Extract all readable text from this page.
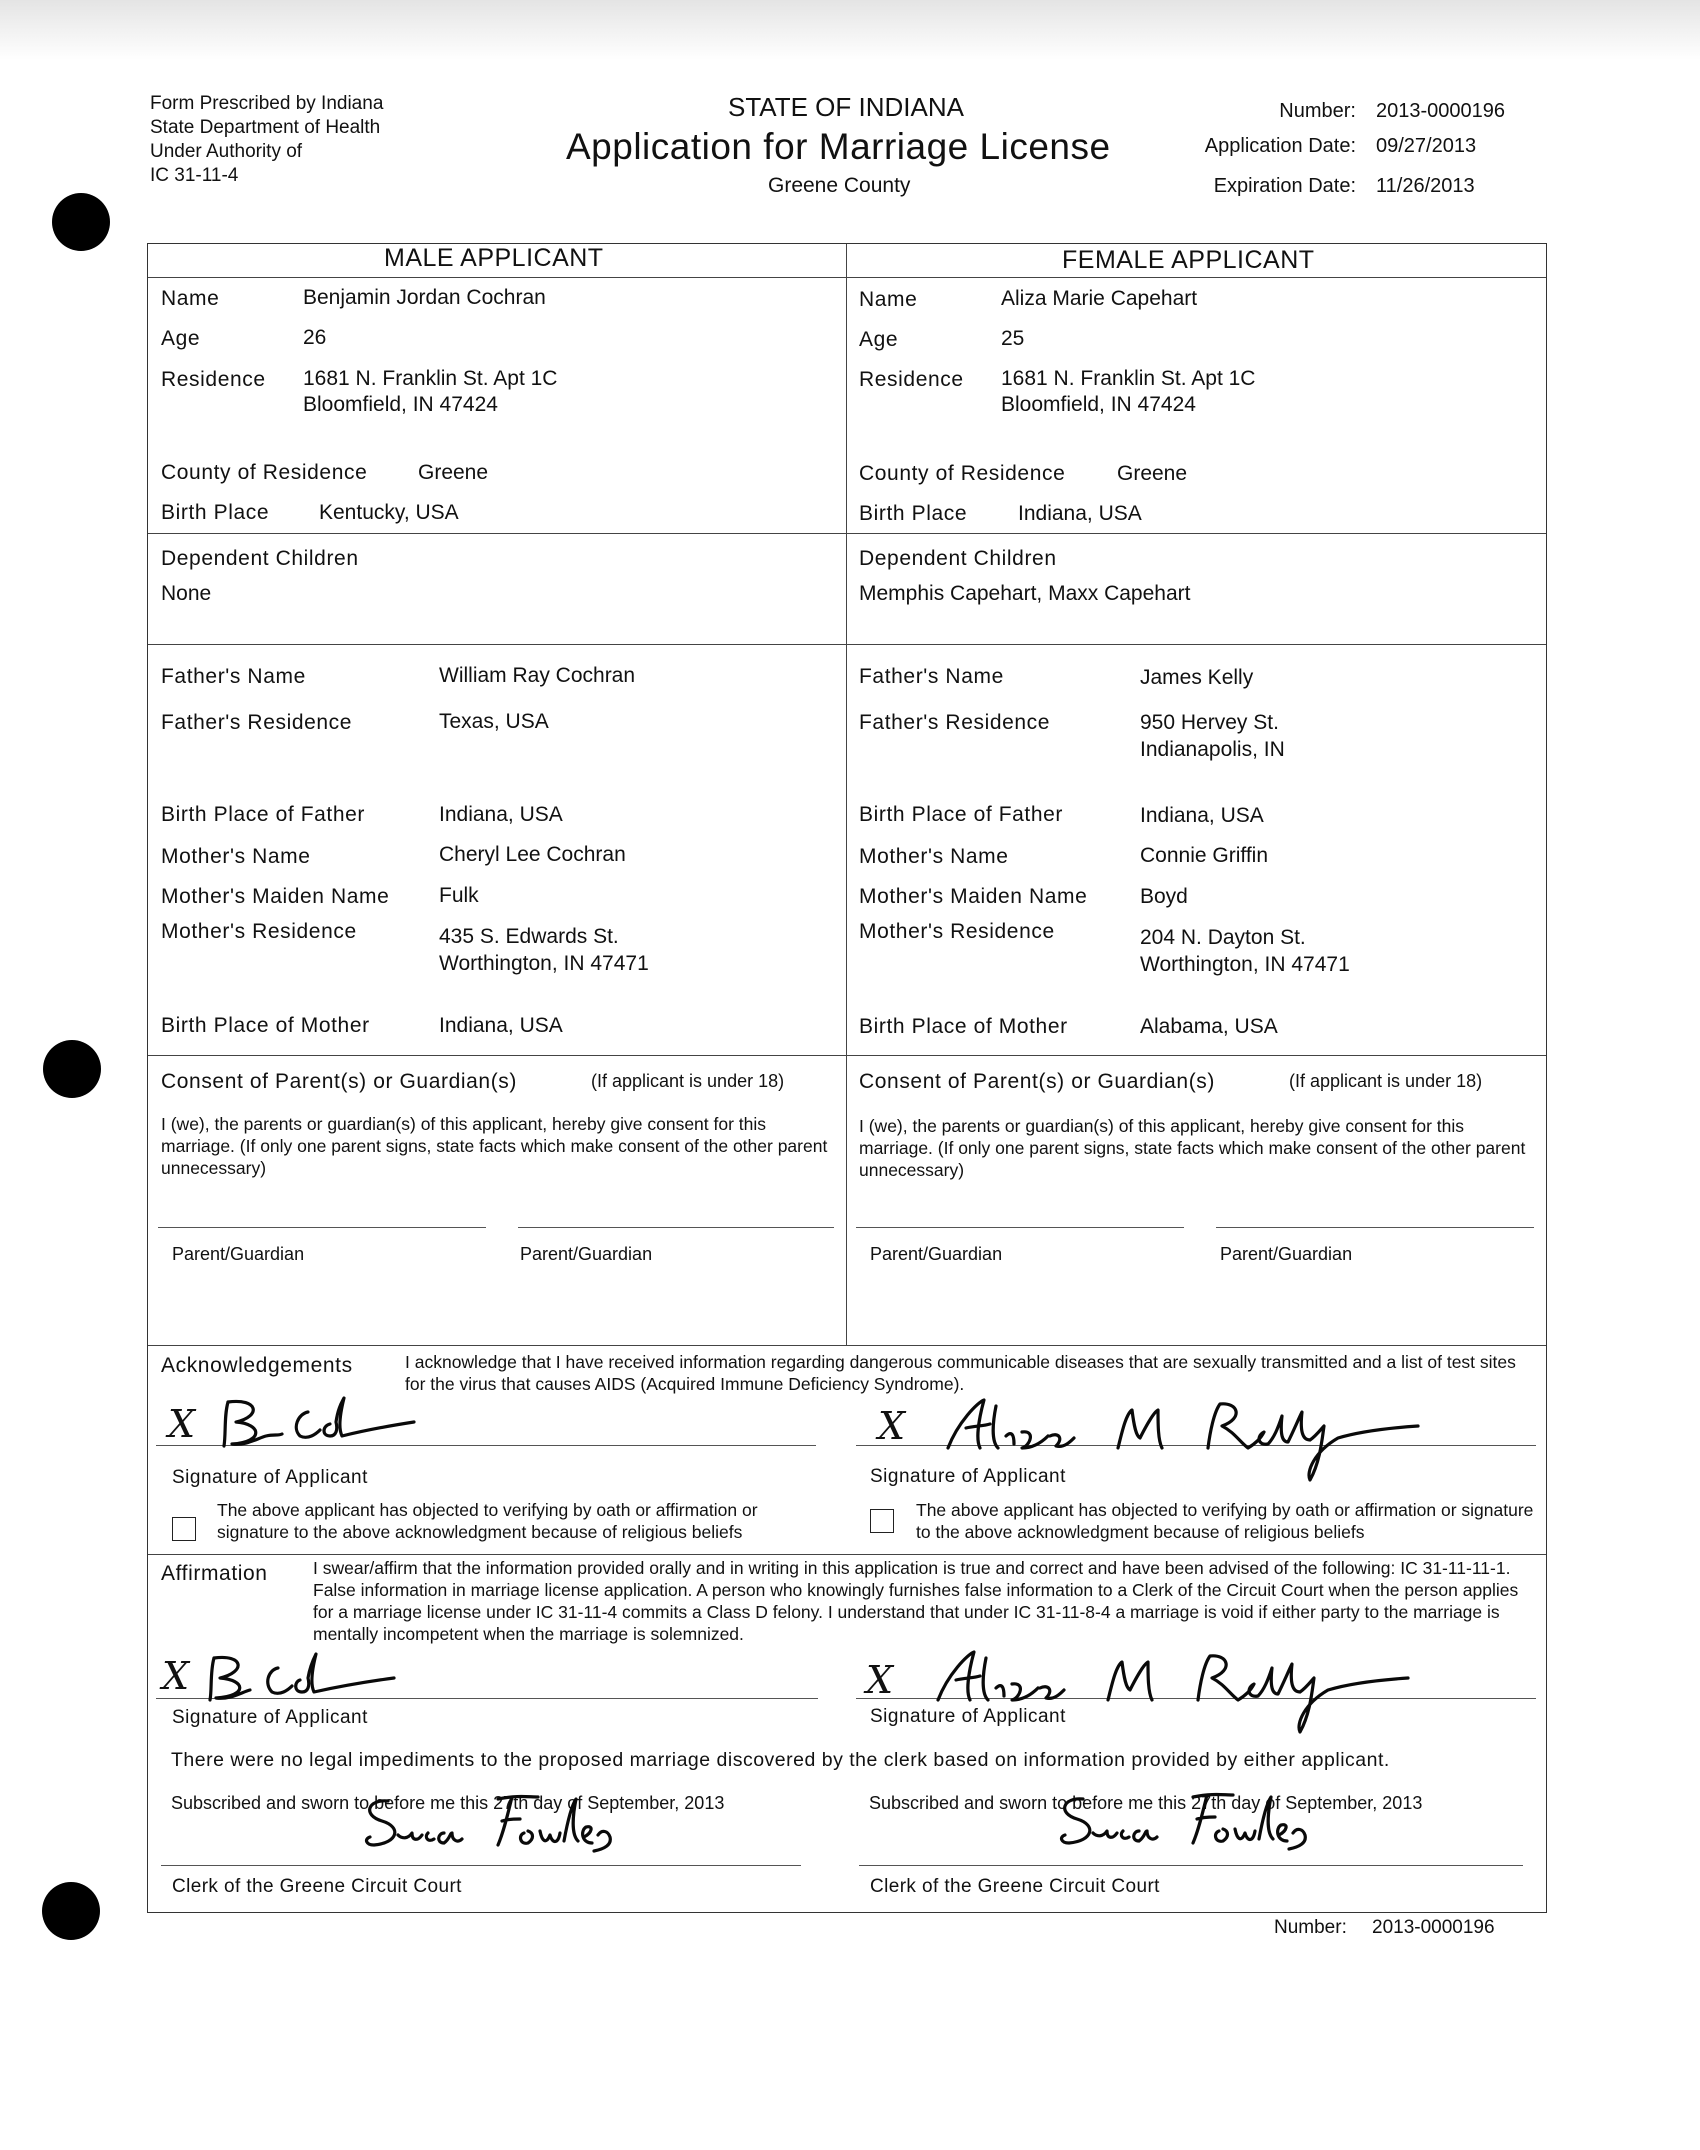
Form Prescribed by Indiana
State Department of Health
Under Authority of
IC 31-11-4
STATE OF INDIANA
Application for Marriage License
Greene County
Number: 2013-0000196
Application Date: 09/27/2013
Expiration Date: 11/26/2013
MALE APPLICANT	FEMALE APPLICANT
Name	Benjamin Jordan Cochran
Age	26
Residence 1681 N. Franklin St. Apt 1C
Bloomfield, IN 47424
County of Residence Greene
Birth Place Kentucky, USA
Dependent Children
None
Father's Name	William Ray Cochran
Father's Residence	Texas, USA
Birth Place of Father	Indiana, USA
Mother's Name	Cheryl Lee Cochran
Mother's Maiden Name Fulk
Mother's Residence	435 S. Edwards St.
Worthington, IN 47471
Birth Place of Mother	Indiana, USA
Name	Aliza Marie Capehart
Age	25
Residence 1681 N. Franklin St. Apt 1C
Bloomfield, IN 47424
County of Residence Greene
Birth Place Indiana, USA
Dependent Children
Memphis Capehart, Maxx Capehart
Father's Name	James Kelly
Father's Residence	950 Hervey St.
Indianapolis, IN
Birth Place of Father	Indiana, USA
Mother's Name	Connie Griffin
Mother's Maiden Name	Boyd
Mother's Residence	204 N. Dayton St.
Worthington, IN 47471
Birth Place of Mother	Alabama, USA
Consent of Parent(s) or Guardian(s)	(If applicant is under 18)
I (we), the parents or guardian(s) of this applicant, hereby give consent for this marriage. (If only one parent signs, state facts which make consent of the other parent unnecessary)
Parent/Guardian	Parent/Guardian
Consent of Parent(s) or Guardian(s)	(If applicant is under 18)
I (we), the parents or guardian(s) of this applicant, hereby give consent for this marriage. (If only one parent signs, state facts which make consent of the other parent unnecessary)
Parent/Guardian	Parent/Guardian
Acknowledgements	I acknowledge that I have received information regarding dangerous communicable diseases that are sexually transmitted and a list of test sites for the virus that causes AIDS (Acquired Immune Deficiency Syndrome).
X
Signature of Applicant
The above applicant has objected to verifying by oath or affirmation or signature to the above acknowledgment because of religious beliefs
X
Signature of Applicant
The above applicant has objected to verifying by oath or affirmation or signature to the above acknowledgment because of religious beliefs
Affirmation	I swear/affirm that the information provided orally and in writing in this application is true and correct and have been advised of the following: IC 31-11-11-1. False information in marriage license application. A person who knowingly furnishes false information to a Clerk of the Circuit Court when the person applies for a marriage license under IC 31-11-4 commits a Class D felony. I understand that under IC 31-11-8-4 a marriage is void if either party to the marriage is mentally incompetent when the marriage is solemnized.
X
Signature of Applicant
X
Signature of Applicant
There were no legal impediments to the proposed marriage discovered by the clerk based on information provided by either applicant.
Subscribed and sworn to before me this 27th day of September, 2013
Clerk of the Greene Circuit Court
Subscribed and sworn to before me this 27th day of September, 2013
Clerk of the Greene Circuit Court
Number: 2013-0000196
